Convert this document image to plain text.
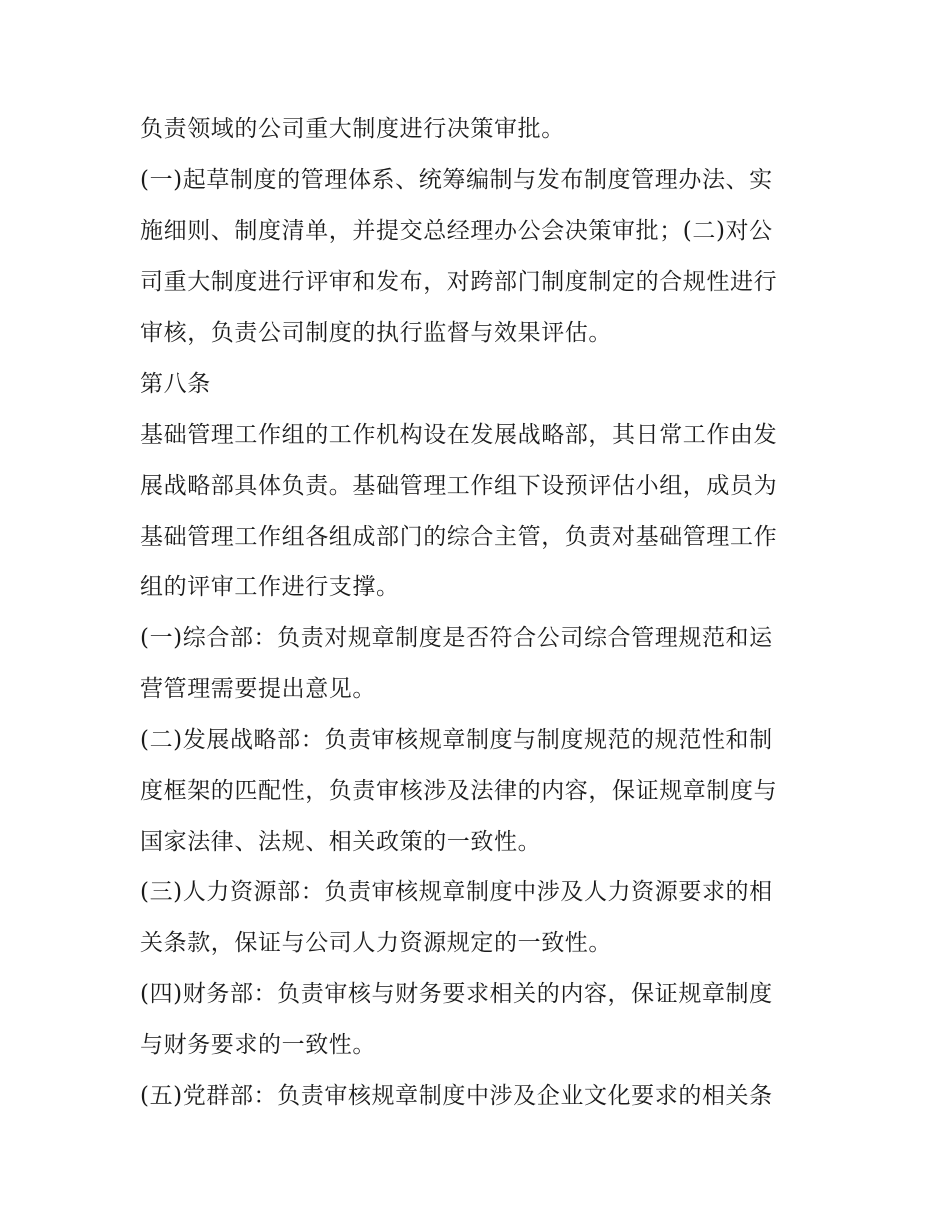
负责领域的公司重大制度进行决策审批。
(一)起草制度的管理体系、统筹编制与发布制度管理办法、实
施细则、制度清单，并提交总经理办公会决策审批；(二)对公
司重大制度进行评审和发布，对跨部门制度制定的合规性进行
审核，负责公司制度的执行监督与效果评估。
第八条
基础管理工作组的工作机构设在发展战略部，其日常工作由发
展战略部具体负责。基础管理工作组下设预评估小组，成员为
基础管理工作组各组成部门的综合主管，负责对基础管理工作
组的评审工作进行支撑。
(一)综合部：负责对规章制度是否符合公司综合管理规范和运
营管理需要提出意见。
(二)发展战略部：负责审核规章制度与制度规范的规范性和制
度框架的匹配性，负责审核涉及法律的内容，保证规章制度与
国家法律、法规、相关政策的一致性。
(三)人力资源部：负责审核规章制度中涉及人力资源要求的相
关条款，保证与公司人力资源规定的一致性。
(四)财务部：负责审核与财务要求相关的内容，保证规章制度
与财务要求的一致性。
(五)党群部：负责审核规章制度中涉及企业文化要求的相关条
